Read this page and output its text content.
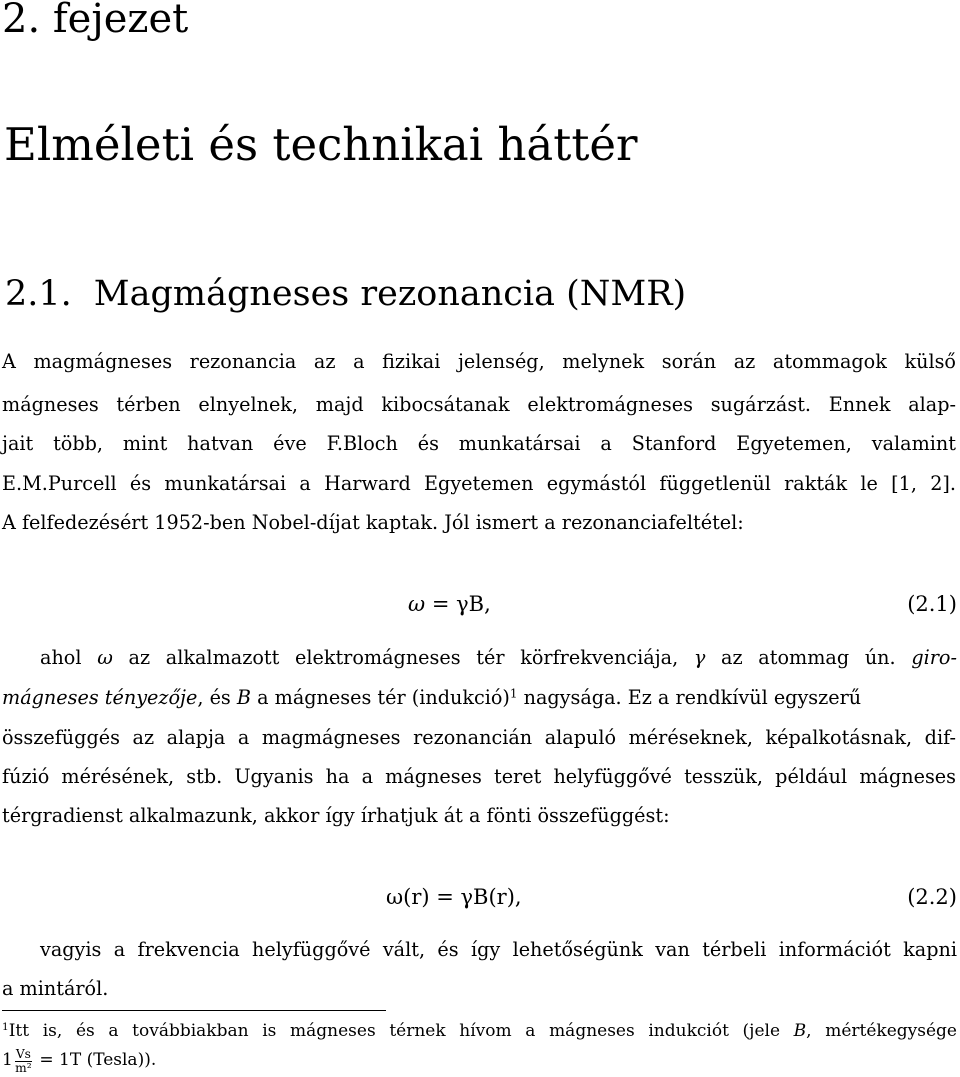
2. fejezet
Elméleti és technikai háttér
2.1. Magmágneses rezonancia (NMR)
A magmágneses rezonancia az a fizikai jelenség, melynek során az atommagok külső
mágneses térben elnyelnek, majd kibocsátanak elektromágneses sugárzást. Ennek alap-
jait több, mint hatvan éve F.Bloch és munkatársai a Stanford Egyetemen, valamint
E.M.Purcell és munkatársai a Harward Egyetemen egymástól függetlenül rakták le [1, 2].
A felfedezésért 1952-ben Nobel-díjat kaptak. Jól ismert a rezonanciafeltétel:
ω = γB,	(2.1)
ahol ω az alkalmazott elektromágneses tér körfrekvenciája, γ az atommag ún. giro-
mágneses tényezője, és B a mágneses tér (indukció)$^1$ nagysága. Ez a rendkívül egyszerű
összefüggés az alapja a magmágneses rezonancián alapuló méréseknek, képalkotásnak, dif-
fúzió mérésének, stb. Ugyanis ha a mágneses teret helyfüggővé tesszük, például mágneses
térgradienst alkalmazunk, akkor így írhatjuk át a fönti összefüggést:
ω(r) = γB(r),	(2.2)
vagyis a frekvencia helyfüggővé vált, és így lehetőségünk van térbeli információt kapni
a mintáról.
$^1$Itt is, és a továbbiakban is mágneses térnek hívom a mágneses indukciót (jele B, mértékegysége
$1 \frac{Vs}{\text{m²}} = 1T$ (Tesla)).
